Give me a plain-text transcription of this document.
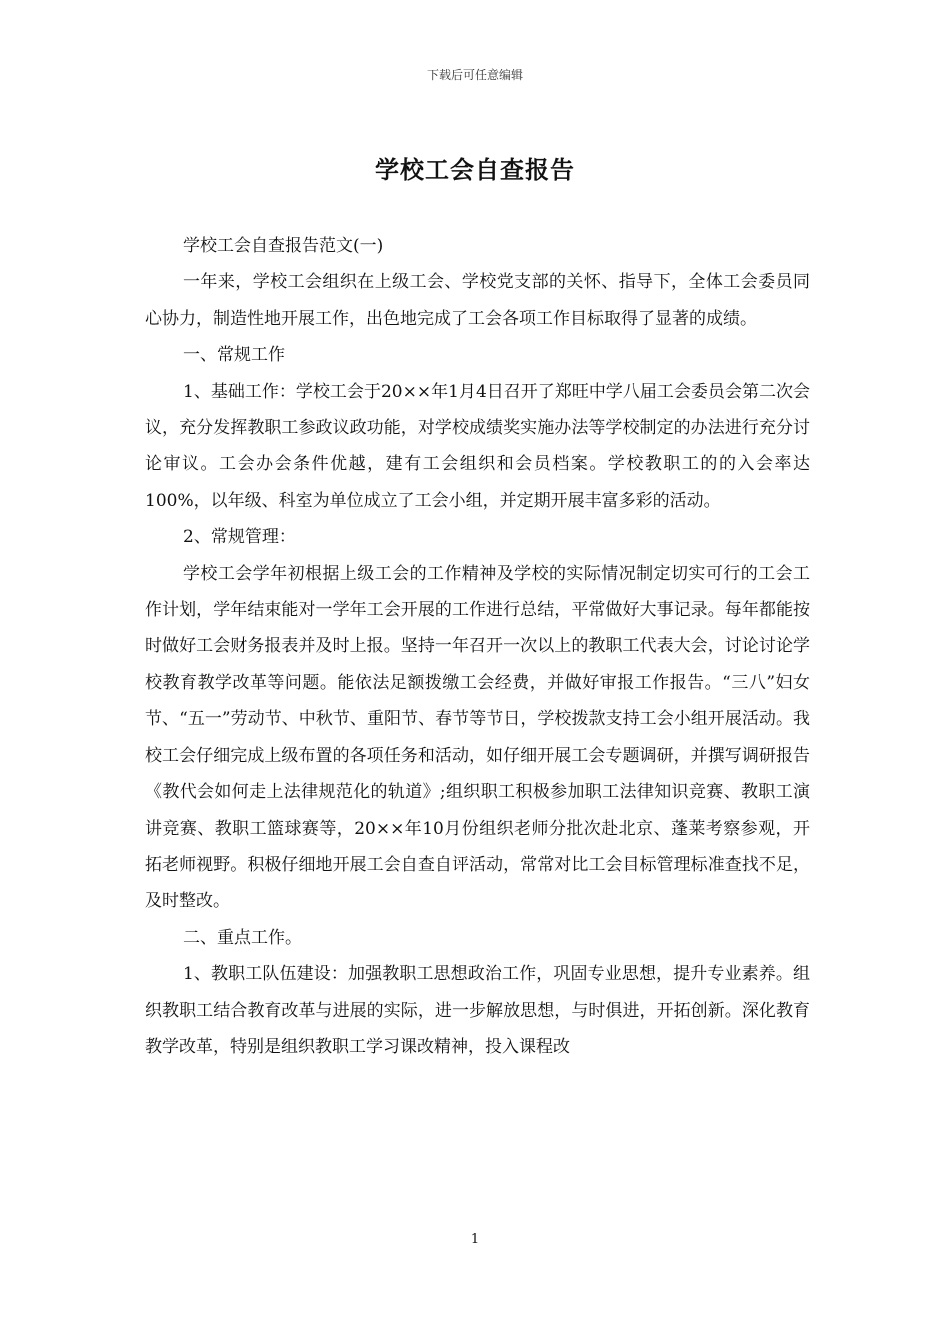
下载后可任意编辑
学校工会自查报告

学校工会自查报告范文(一)

一年来，学校工会组织在上级工会、学校党支部的关怀、指导下，全体工会委员同心协力，制造性地开展工作，出色地完成了工会各项工作目标取得了显著的成绩。

一、常规工作

1、基础工作：学校工会于20××年1月4日召开了郑旺中学八届工会委员会第二次会议，充分发挥教职工参政议政功能，对学校成绩奖实施办法等学校制定的办法进行充分讨论审议。工会办会条件优越，建有工会组织和会员档案。学校教职工的的入会率达100%，以年级、科室为单位成立了工会小组，并定期开展丰富多彩的活动。

2、常规管理：

学校工会学年初根据上级工会的工作精神及学校的实际情况制定切实可行的工会工作计划，学年结束能对一学年工会开展的工作进行总结，平常做好大事记录。每年都能按时做好工会财务报表并及时上报。坚持一年召开一次以上的教职工代表大会，讨论讨论学校教育教学改革等问题。能依法足额拨缴工会经费，并做好审报工作报告。“三八”妇女节、“五一”劳动节、中秋节、重阳节、春节等节日，学校拨款支持工会小组开展活动。我校工会仔细完成上级布置的各项任务和活动，如仔细开展工会专题调研，并撰写调研报告《教代会如何走上法律规范化的轨道》;组织职工积极参加职工法律知识竞赛、教职工演讲竞赛、教职工篮球赛等，20××年10月份组织老师分批次赴北京、蓬莱考察参观，开拓老师视野。积极仔细地开展工会自查自评活动，常常对比工会目标管理标准查找不足，及时整改。

二、重点工作。

1、教职工队伍建设：加强教职工思想政治工作，巩固专业思想，提升专业素养。组织教职工结合教育改革与进展的实际，进一步解放思想，与时俱进，开拓创新。深化教育教学改革，特别是组织教职工学习课改精神，投入课程改

1
